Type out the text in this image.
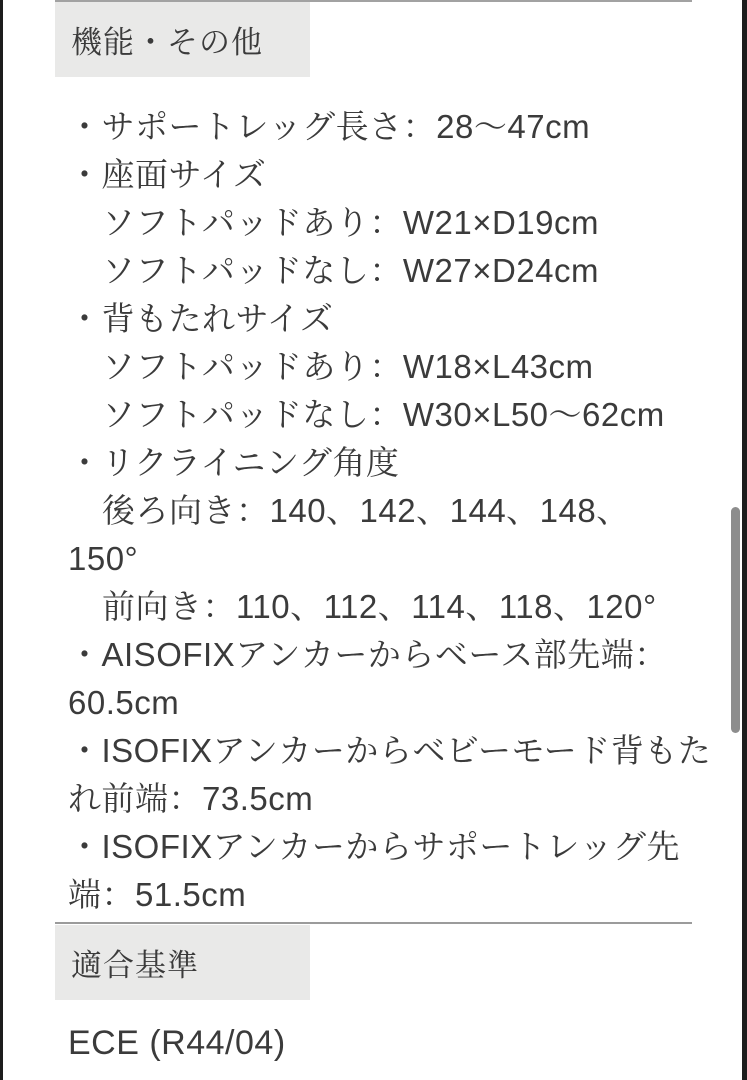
機能・その他
・サポートレッグ長さ：28〜47cm
・座面サイズ
ソフトパッドあり：W21×D19cm
ソフトパッドなし：W27×D24cm
・背もたれサイズ
ソフトパッドあり：W18×L43cm
ソフトパッドなし：W30×L50〜62cm
・リクライニング角度
後ろ向き：140、142、144、148、
150°
前向き：110、112、114、118、120°
・AISOFIXアンカーからベース部先端：
60.5cm
・ISOFIXアンカーからベビーモード背もた
れ前端：73.5cm
・ISOFIXアンカーからサポートレッグ先
端：51.5cm
適合基準
ECE (R44/04)
